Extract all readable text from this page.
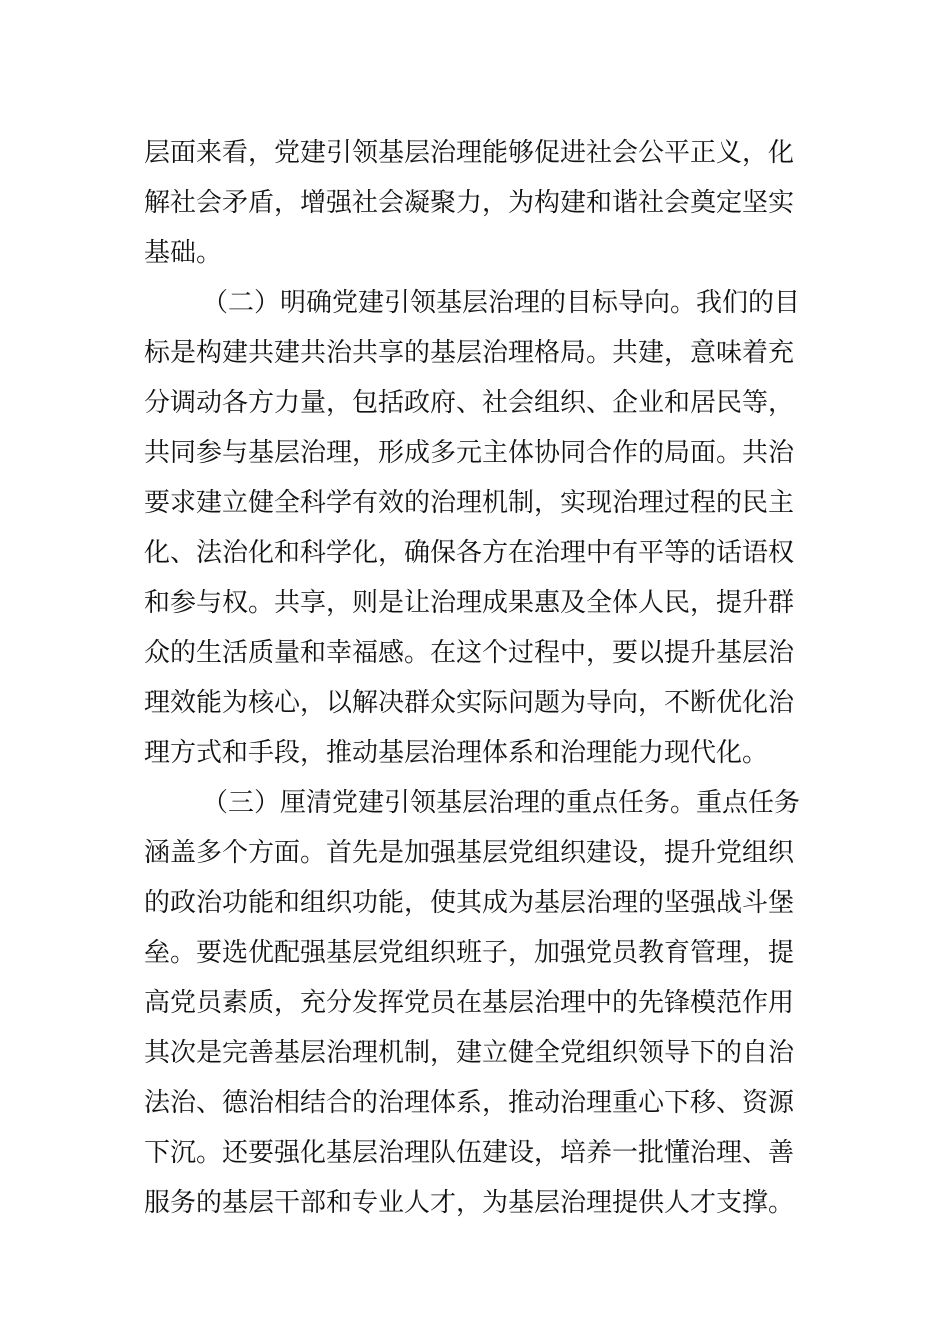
层面来看，党建引领基层治理能够促进社会公平正义，化
解社会矛盾，增强社会凝聚力，为构建和谐社会奠定坚实
基础。
（二）明确党建引领基层治理的目标导向。我们的目
标是构建共建共治共享的基层治理格局。共建，意味着充
分调动各方力量，包括政府、社会组织、企业和居民等，
共同参与基层治理，形成多元主体协同合作的局面。共治
要求建立健全科学有效的治理机制，实现治理过程的民主
化、法治化和科学化，确保各方在治理中有平等的话语权
和参与权。共享，则是让治理成果惠及全体人民，提升群
众的生活质量和幸福感。在这个过程中，要以提升基层治
理效能为核心，以解决群众实际问题为导向，不断优化治
理方式和手段，推动基层治理体系和治理能力现代化。
（三）厘清党建引领基层治理的重点任务。重点任务
涵盖多个方面。首先是加强基层党组织建设，提升党组织
的政治功能和组织功能，使其成为基层治理的坚强战斗堡
垒。要选优配强基层党组织班子，加强党员教育管理，提
高党员素质，充分发挥党员在基层治理中的先锋模范作用
其次是完善基层治理机制，建立健全党组织领导下的自治
法治、德治相结合的治理体系，推动治理重心下移、资源
下沉。还要强化基层治理队伍建设，培养一批懂治理、善
服务的基层干部和专业人才，为基层治理提供人才支撑。
